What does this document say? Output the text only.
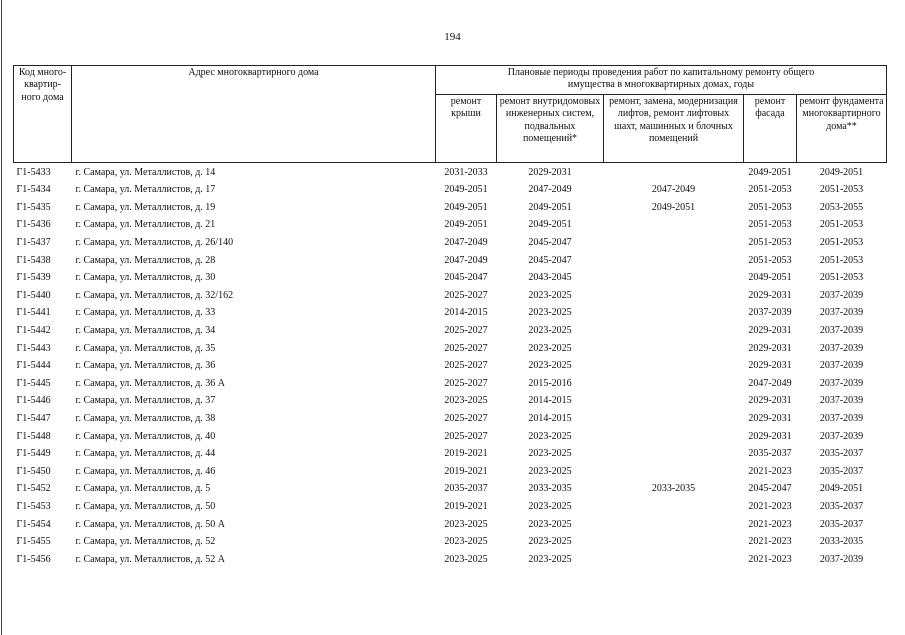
194
Код много-квартир-ного дома	Адрес многоквартирного дома	Плановые периоды проведения работ по капитальному ремонту общего имущества в многоквартирных домах, годы				
		ремонт крыши	ремонт внутридомовых инженерных систем, подвальных помещений*	ремонт, замена, модернизация лифтов, ремонт лифтовых шахт, машинных и блочных помещений	ремонт фасада	ремонт фундамента многоквартирного дома**
Г1-5433	г. Самара, ул. Металлистов, д. 14	2031-2033	2029-2031		2049-2051	2049-2051
Г1-5434	г. Самара, ул. Металлистов, д. 17	2049-2051	2047-2049	2047-2049	2051-2053	2051-2053
Г1-5435	г. Самара, ул. Металлистов, д. 19	2049-2051	2049-2051	2049-2051	2051-2053	2053-2055
Г1-5436	г. Самара, ул. Металлистов, д. 21	2049-2051	2049-2051		2051-2053	2051-2053
Г1-5437	г. Самара, ул. Металлистов, д. 26/140	2047-2049	2045-2047		2051-2053	2051-2053
Г1-5438	г. Самара, ул. Металлистов, д. 28	2047-2049	2045-2047		2051-2053	2051-2053
Г1-5439	г. Самара, ул. Металлистов, д. 30	2045-2047	2043-2045		2049-2051	2051-2053
Г1-5440	г. Самара, ул. Металлистов, д. 32/162	2025-2027	2023-2025		2029-2031	2037-2039
Г1-5441	г. Самара, ул. Металлистов, д. 33	2014-2015	2023-2025		2037-2039	2037-2039
Г1-5442	г. Самара, ул. Металлистов, д. 34	2025-2027	2023-2025		2029-2031	2037-2039
Г1-5443	г. Самара, ул. Металлистов, д. 35	2025-2027	2023-2025		2029-2031	2037-2039
Г1-5444	г. Самара, ул. Металлистов, д. 36	2025-2027	2023-2025		2029-2031	2037-2039
Г1-5445	г. Самара, ул. Металлистов, д. 36 А	2025-2027	2015-2016		2047-2049	2037-2039
Г1-5446	г. Самара, ул. Металлистов, д. 37	2023-2025	2014-2015		2029-2031	2037-2039
Г1-5447	г. Самара, ул. Металлистов, д. 38	2025-2027	2014-2015		2029-2031	2037-2039
Г1-5448	г. Самара, ул. Металлистов, д. 40	2025-2027	2023-2025		2029-2031	2037-2039
Г1-5449	г. Самара, ул. Металлистов, д. 44	2019-2021	2023-2025		2035-2037	2035-2037
Г1-5450	г. Самара, ул. Металлистов, д. 46	2019-2021	2023-2025		2021-2023	2035-2037
Г1-5452	г. Самара, ул. Металлистов, д. 5	2035-2037	2033-2035	2033-2035	2045-2047	2049-2051
Г1-5453	г. Самара, ул. Металлистов, д. 50	2019-2021	2023-2025		2021-2023	2035-2037
Г1-5454	г. Самара, ул. Металлистов, д. 50 А	2023-2025	2023-2025		2021-2023	2035-2037
Г1-5455	г. Самара, ул. Металлистов, д. 52	2023-2025	2023-2025		2021-2023	2033-2035
Г1-5456	г. Самара, ул. Металлистов, д. 52 А	2023-2025	2023-2025		2021-2023	2037-2039
